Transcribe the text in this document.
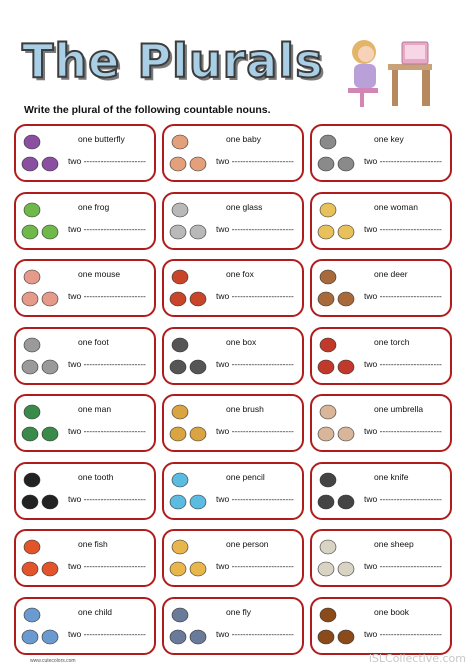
The Plurals
Write the plural of the following countable nouns.
one butterfly
two ----------------------
one baby
two ----------------------
one key
two ----------------------
one frog
two ----------------------
one glass
two ----------------------
one woman
two ----------------------
one mouse
two ----------------------
one fox
two ----------------------
one deer
two ----------------------
one foot
two ----------------------
one box
two ----------------------
one torch
two ----------------------
one man
two ----------------------
one brush
two ----------------------
one umbrella
two ----------------------
one tooth
two ----------------------
one pencil
two ----------------------
one knife
two ----------------------
one fish
two ----------------------
one person
two ----------------------
one sheep
two ----------------------
one child
two ----------------------
one fly
two ----------------------
one book
two ----------------------
www.cutecolors.com	iSLCollective.com
